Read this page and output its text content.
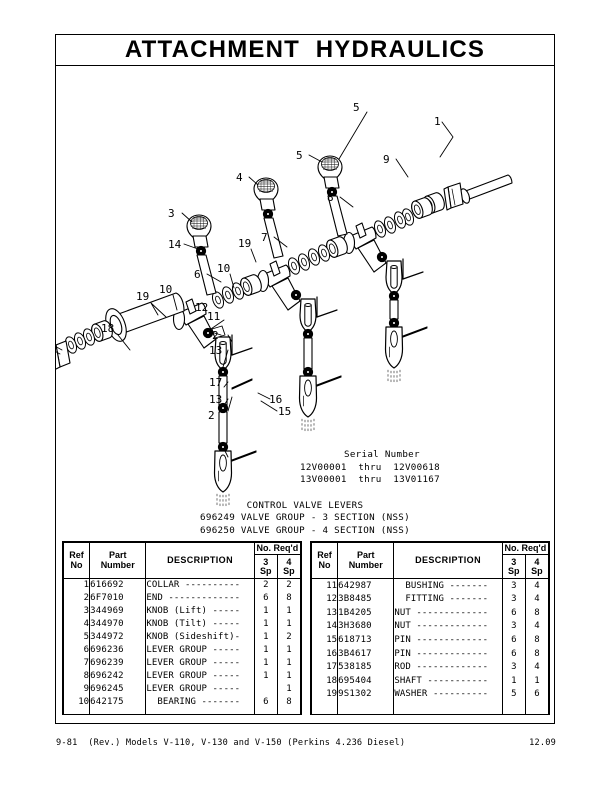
ATTACHMENT  HYDRAULICS
1
2
2
3
4
5
5
6
7
8
9
10
10
11
12
13
13
14
15
16
17
18
19
19

Serial Number
12V00001  thru  12V00618
13V00001  thru  13V01167

CONTROL VALVE LEVERS
696249 VALVE GROUP - 3 SECTION (NSS)
696250 VALVE GROUP - 4 SECTION (NSS)

Ref
No	Part
Number	DESCRIPTION	No. Req'd	
			3
Sp	4
Sp
1	616692	COLLAR ----------	2	2
2	6F7010	END -------------	6	8
3	344969	KNOB (Lift) -----	1	1
4	344970	KNOB (Tilt) -----	1	1
5	344972	KNOB (Sideshift)-	1	2
6	696236	LEVER GROUP -----	1	1
7	696239	LEVER GROUP -----	1	1
8	696242	LEVER GROUP -----	1	1
9	696245	LEVER GROUP -----		1
10	642175	BEARING -------	6	8

Ref
No	Part
Number	DESCRIPTION	No. Req'd	
			3
Sp	4
Sp
11	642987	BUSHING -------	3	4
12	3B8485	FITTING -------	3	4
13	1B4205	NUT -------------	6	8
14	3H3680	NUT -------------	3	4
15	618713	PIN -------------	6	8
16	3B4617	PIN -------------	6	8
17	538185	ROD -------------	3	4
18	695404	SHAFT -----------	1	1
19	9S1302	WASHER ----------	5	6

9-81  (Rev.) Models V-110, V-130 and V-150 (Perkins 4.236 Diesel)	12.09
